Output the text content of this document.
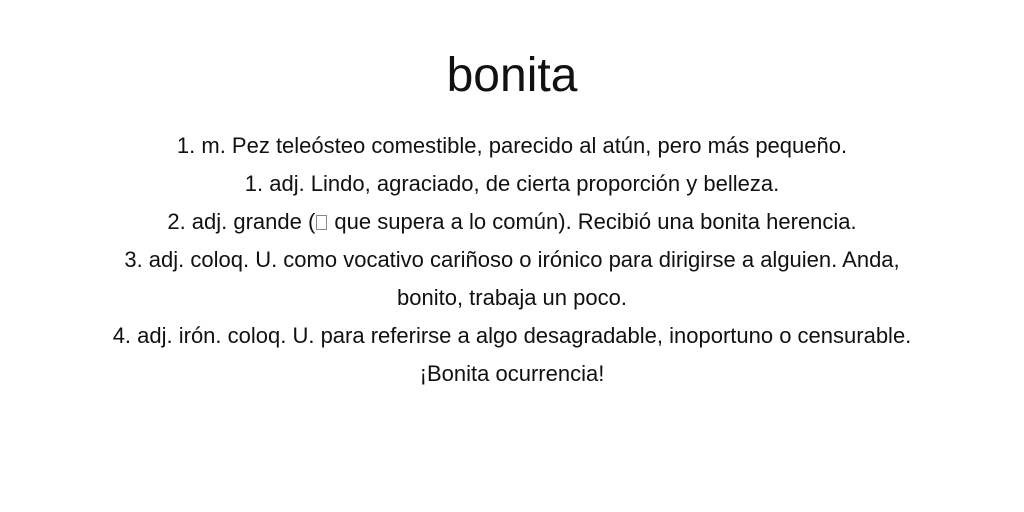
bonita
1. m. Pez teleósteo comestible, parecido al atún, pero más pequeño.
1. adj. Lindo, agraciado, de cierta proporción y belleza.
2. adj. grande ( que supera a lo común). Recibió una bonita herencia.
3. adj. coloq. U. como vocativo cariñoso o irónico para dirigirse a alguien. Anda, bonito, trabaja un poco.
4. adj. irón. coloq. U. para referirse a algo desagradable, inoportuno o censurable. ¡Bonita ocurrencia!
